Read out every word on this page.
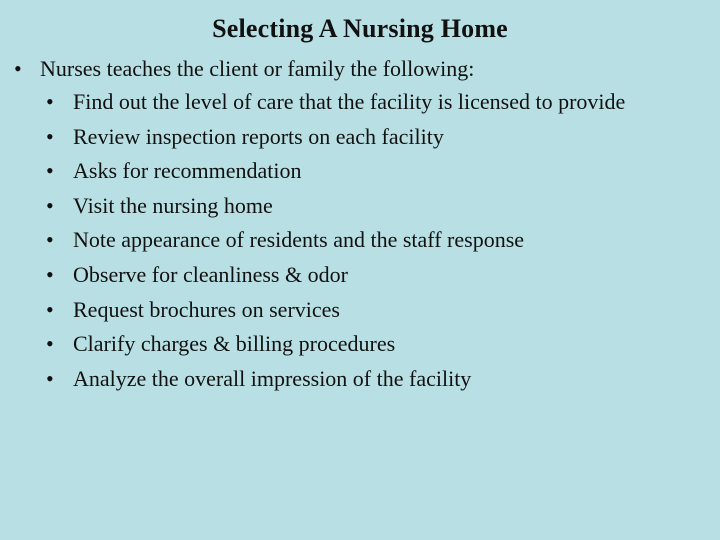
Selecting A Nursing Home
• Nurses teaches the client or family the following:
• Find out the level of care that the facility is licensed to provide
• Review inspection reports on each facility
• Asks for recommendation
• Visit the nursing home
• Note appearance of residents and the staff response
• Observe for cleanliness & odor
• Request brochures on services
• Clarify charges & billing procedures
• Analyze the overall impression of the facility
